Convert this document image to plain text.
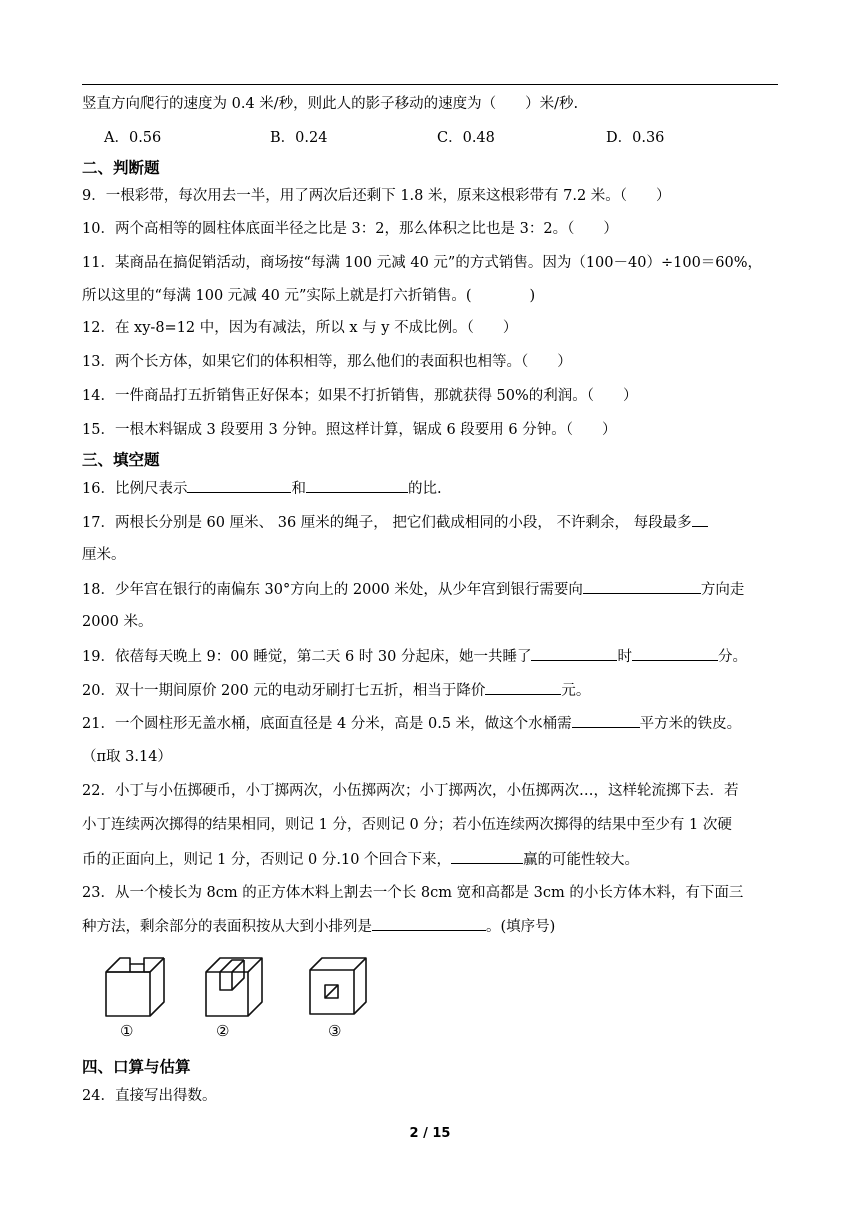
竖直方向爬行的速度为 0.4 米/秒，则此人的影子移动的速度为（　　）米/秒.
A．0.56	B．0.24	C．0.48	D．0.36
二、判断题
9．一根彩带，每次用去一半，用了两次后还剩下 1.8 米，原来这根彩带有 7.2 米。（　　）
10．两个高相等的圆柱体底面半径之比是 3：2，那么体积之比也是 3：2。（　　）
11．某商品在搞促销活动，商场按“每满 100 元减 40 元”的方式销售。因为（100－40）÷100＝60%，
所以这里的“每满 100 元减 40 元”实际上就是打六折销售。(　　　　)
12．在 xy-8=12 中，因为有减法，所以 x 与 y 不成比例。（　　）
13．两个长方体，如果它们的体积相等，那么他们的表面积也相等。（　　）
14．一件商品打五折销售正好保本；如果不打折销售，那就获得 50%的利润。（　　）
15．一根木料锯成 3 段要用 3 分钟。照这样计算，锯成 6 段要用 6 分钟。（　　）
三、填空题
16．比例尺表示	和	的比.
17．两根长分别是 60 厘米、 36 厘米的绳子， 把它们截成相同的小段， 不许剩余， 每段最多
厘米。
18．少年宫在银行的南偏东 30°方向上的 2000 米处，从少年宫到银行需要向	方向走
2000 米。
19．依蓓每天晚上 9：00 睡觉，第二天 6 时 30 分起床，她一共睡了	时	分。
20．双十一期间原价 200 元的电动牙刷打七五折，相当于降价	元。
21．一个圆柱形无盖水桶，底面直径是 4 分米，高是 0.5 米，做这个水桶需	平方米的铁皮。
（π取 3.14）
22．小丁与小伍掷硬币，小丁掷两次，小伍掷两次；小丁掷两次，小伍掷两次…，这样轮流掷下去．若
小丁连续两次掷得的结果相同，则记 1 分，否则记 0 分；若小伍连续两次掷得的结果中至少有 1 次硬
币的正面向上，则记 1 分，否则记 0 分.10 个回合下来，	赢的可能性较大。
23．从一个棱长为 8cm 的正方体木料上割去一个长 8cm 宽和高都是 3cm 的小长方体木料，有下面三
种方法，剩余部分的表面积按从大到小排列是	。(填序号)
①	②	③
四、口算与估算
24．直接写出得数。
2 / 15
